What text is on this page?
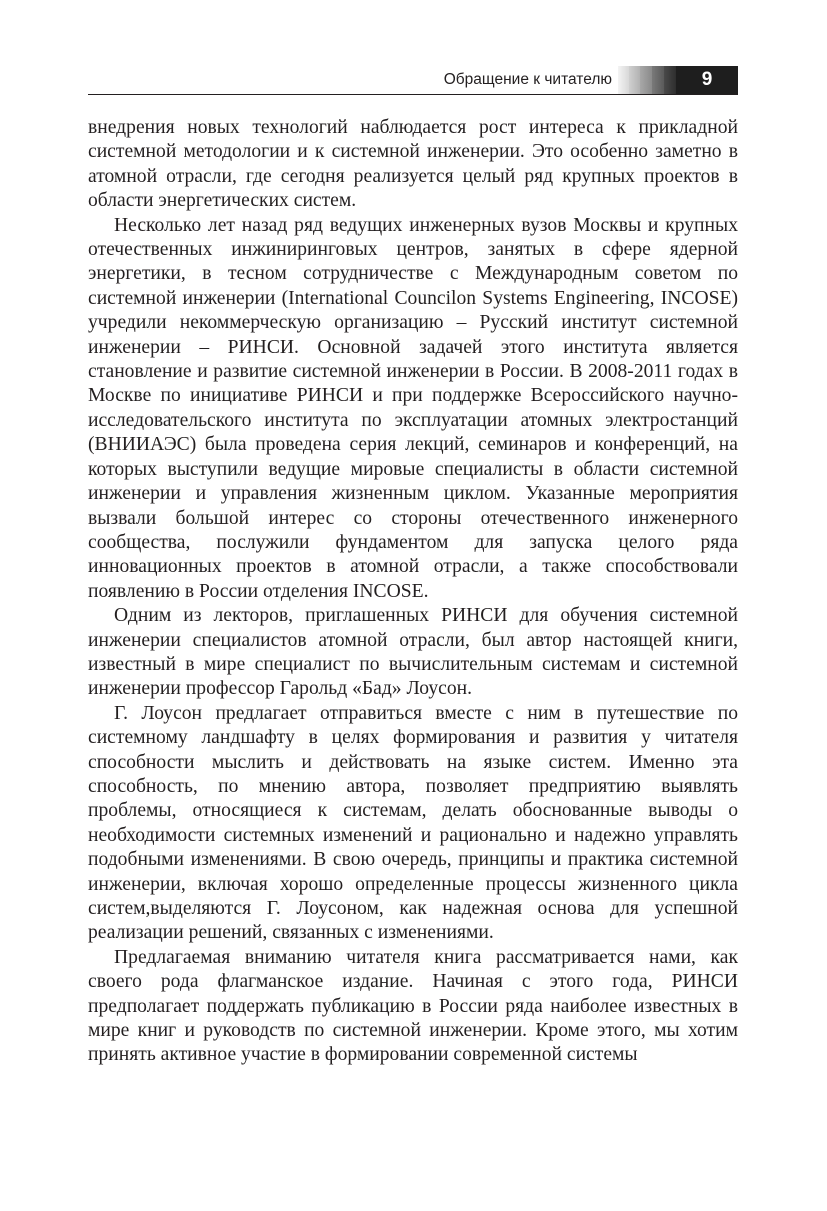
Обращение к читателю	9

внедрения новых технологий наблюдается рост интереса к прикладной системной методологии и к системной инженерии. Это особенно заметно в атомной отрасли, где сегодня реализуется целый ряд крупных проектов в области энергетических систем.

Несколько лет назад ряд ведущих инженерных вузов Москвы и крупных отечественных инжиниринговых центров, занятых в сфере ядерной энергетики, в тесном сотрудничестве с Международным советом по системной инженерии (International Councilon Systems Engineering, INCOSE) учредили некоммерческую организацию – Русский институт системной инженерии – РИНСИ. Основной задачей этого института является становление и развитие системной инженерии в России. В 2008-2011 годах в Москве по инициативе РИНСИ и при поддержке Всероссийского научно-исследовательского института по эксплуатации атомных электростанций (ВНИИАЭС) была проведена серия лекций, семинаров и конференций, на которых выступили ведущие мировые специалисты в области системной инженерии и управления жизненным циклом. Указанные мероприятия вызвали большой интерес со стороны отечественного инженерного сообщества, послужили фундаментом для запуска целого ряда инновационных проектов в атомной отрасли, а также способствовали появлению в России отделения INCOSE.

Одним из лекторов, приглашенных РИНСИ для обучения системной инженерии специалистов атомной отрасли, был автор настоящей книги, известный в мире специалист по вычислительным системам и системной инженерии профессор Гарольд «Бад» Лоусон.

Г. Лоусон предлагает отправиться вместе с ним в путешествие по системному ландшафту в целях формирования и развития у читателя способности мыслить и действовать на языке систем. Именно эта способность, по мнению автора, позволяет предприятию выявлять проблемы, относящиеся к системам, делать обоснованные выводы о необходимости системных изменений и рационально и надежно управлять подобными изменениями. В свою очередь, принципы и практика системной инженерии, включая хорошо определенные процессы жизненного цикла систем,выделяются Г. Лоусоном, как надежная основа для успешной реализации решений, связанных с изменениями.

Предлагаемая вниманию читателя книга рассматривается нами, как своего рода флагманское издание. Начиная с этого года, РИНСИ предполагает поддержать публикацию в России ряда наиболее известных в мире книг и руководств по системной инженерии. Кроме этого, мы хотим принять активное участие в формировании современной системы
